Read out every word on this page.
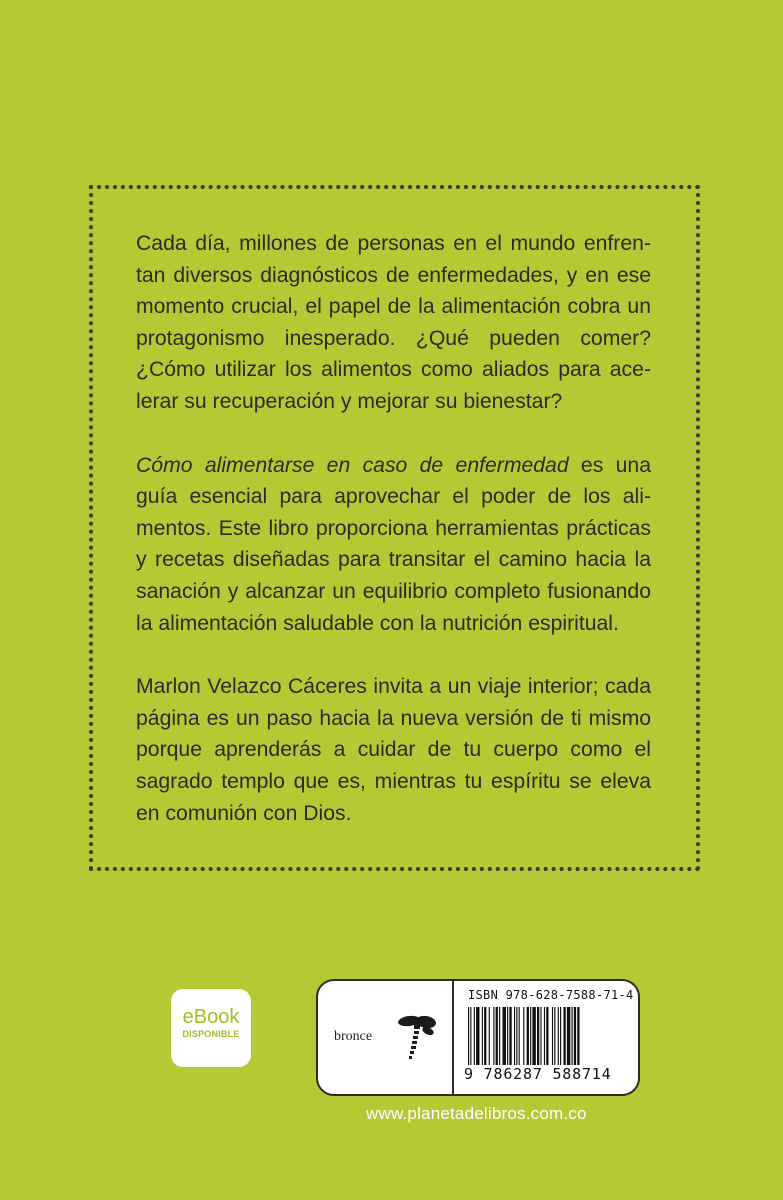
Cada día, millones de personas en el mundo enfrentan diversos diagnósticos de enfermedades, y en ese momento crucial, el papel de la alimentación cobra un protagonismo inesperado. ¿Qué pueden comer? ¿Cómo utilizar los alimentos como aliados para acelerar su recuperación y mejorar su bienestar?

Cómo alimentarse en caso de enfermedad es una guía esencial para aprovechar el poder de los alimentos. Este libro proporciona herramientas prácticas y recetas diseñadas para transitar el camino hacia la sanación y alcanzar un equilibrio completo fusionando la alimentación saludable con la nutrición espiritual.

Marlon Velazco Cáceres invita a un viaje interior; cada página es un paso hacia la nueva versión de ti mismo porque aprenderás a cuidar de tu cuerpo como el sagrado templo que es, mientras tu espíritu se eleva en comunión con Dios.

eBook
DISPONIBLE	bronce
ISBN 978-628-7588-71-4
9 786287 588714
www.planetadelibros.com.co
